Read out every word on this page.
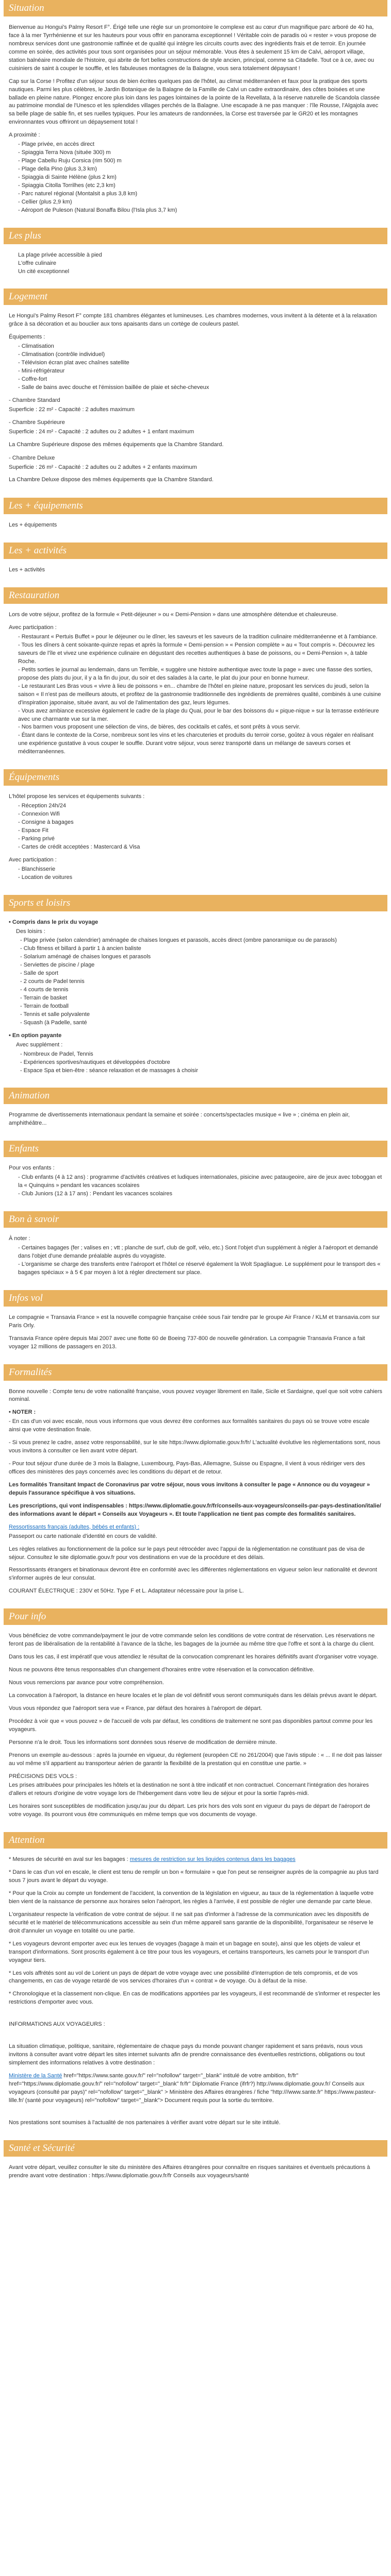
Situation

Bienvenue au Hongui's Palmy Resort F°. Érigé telle une règle sur un promontoire le complexe est au cœur d'un magnifique parc arboré de 40 ha, face à la mer Tyrrhénienne et sur les hauteurs pour vous offrir en panorama exceptionnel ! Véritable coin de paradis où « rester » vous propose de nombreux services dont une gastronomie raffinée et de qualité qui intègre les circuits courts avec des ingrédients frais et de terroir. En journée comme en soirée, des activités pour tous sont organisées pour un séjour mémorable. Vous êtes à seulement 15 km de Calvi, aéroport village, station balnéaire mondiale de l'histoire, qui abrite de fort belles constructions de style ancien, principal, comme sa Citadelle. Tout ce à ce, avec ou cuisiniers de saint à couper le souffle, et les fabuleuses montagnes de la Balagne, vous sera totalement dépaysant !

Cap sur la Corse ! Profitez d'un séjour sous de bien écrites quelques pas de l'hôtel, au climat méditerranéen et faux pour la pratique des sports nautiques. Parmi les plus célèbres, le Jardin Botanique de la Balagne de la Famille de Calvi un cadre extraordinaire, des côtes boisées et une ballade en pleine nature. Plongez encore plus loin dans les pages lointaines de la pointe de la Revellata, à la réserve naturelle de Scandola classée au patrimoine mondial de l'Unesco et les splendides villages perchés de la Balagne. Une escapade à ne pas manquer : l'île Rousse, l'Algajola avec sa belle plage de sable fin, et ses ruelles typiques. Pour les amateurs de randonnées, la Corse est traversée par le GR20 et les montagnes environnantes vous offriront un dépaysement total !

A proximité :

- Plage privée, en accès direct
- Spiaggia Terra Nova (située 300) m
- Plage Cabellu Ruju Corsica (rim 500) m
- Plage della Pino (plus 3,3 km)
- Spiaggia di Sainte Hélène (plus 2 km)
- Spiaggia Citolla Torrilhes (etc 2,3 km)
- Parc naturel régional (Montalsit a plus 3,8 km)
- Cellier (plus 2,9 km)
- Aéroport de Puleson (Natural Bonaffa Bilou (l'Isla plus 3,7 km)
Les plus
La plage privée accessible à pied
L'offre culinaire
Un cité exceptionnel
Logement

Le Hongui's Palmy Resort F° compte 181 chambres élégantes et lumineuses. Les chambres modernes, vous invitent à la détente et à la relaxation grâce à sa décoration et au bouclier aux tons apaisants dans un cortège de couleurs pastel.

Équipements :

- Climatisation
- Climatisation (contrôle individuel)
- Télévision écran plat avec chaînes satellite
- Mini-réfrigérateur
- Coffre-fort
- Salle de bains avec douche et l'émission baillée de plaie et sèche-cheveux

- Chambre Standard

Superficie : 22 m² - Capacité : 2 adultes maximum

- Chambre Supérieure

Superficie : 24 m² - Capacité : 2 adultes ou 2 adultes + 1 enfant maximum

La Chambre Supérieure dispose des mêmes équipements que la Chambre Standard.

- Chambre Deluxe

Superficie : 26 m² - Capacité : 2 adultes ou 2 adultes + 2 enfants maximum

La Chambre Deluxe dispose des mêmes équipements que la Chambre Standard.

Les + équipements

Les + équipements

Les + activités

Les + activités

Restauration

Lors de votre séjour, profitez de la formule « Petit-déjeuner » ou « Demi-Pension » dans une atmosphère détendue et chaleureuse.

Avec participation :

- Restaurant « Pertuis Buffet » pour le déjeuner ou le dîner, les saveurs et les saveurs de la tradition culinaire méditerranéenne et à l'ambiance.
- Tous les dîners à cent soixante-quinze repas et après la formule « Demi-pension » « Pension complète » au « Tout compris ». Découvrez les saveurs de l'île et vivez une expérience culinaire en dégustant des recettes authentiques à base de poissons, ou « Demi-Pension », à table Roche.
- Petits sorties le journal au lendemain, dans un Terrible, « suggère une histoire authentique avec toute la page » avec une fiasse des sorties, propose des plats du jour, il y a la fin du jour, du soir et des salades à la carte, le plat du jour pour en bonne humeur.
- Le restaurant Les Bras vous « vivre à lieu de poissons » en... chambre de l'hôtel en pleine nature, proposant les services du jeudi, selon la saison « Il n'est pas de meilleurs atouts, et profitez de la gastronomie traditionnelle des ingrédients de premières qualité, combinés à une cuisine d'inspiration japonaise, située avant, au vol de l'alimentation des gaz, leurs légumes.
- Vous avez ambiance excessive également le cadre de la plage du Quai, pour le bar des boissons du « pique-nique » sur la terrasse extérieure avec une charmante vue sur la mer.
- Nos barmen vous proposent une sélection de vins, de bières, des cocktails et cafés, et sont prêts à vous servir.
- Étant dans le contexte de la Corse, nombreux sont les vins et les charcuteries et produits du terroir corse, goûtez à vous régaler en réalisant une expérience gustative à vous couper le souffle. Durant votre séjour, vous serez transporté dans un mélange de saveurs corses et méditerranéennes.
Équipements

L'hôtel propose les services et équipements suivants :

- Réception 24h/24
- Connexion Wifi
- Consigne à bagages
- Espace Fit
- Parking privé
- Cartes de crédit acceptées : Mastercard & Visa

Avec participation :

- Blanchisserie
- Location de voitures
Sports et loisirs

• Compris dans le prix du voyage

Des loisirs :

- Plage privée (selon calendrier) aménagée de chaises longues et parasols, accès direct (ombre panoramique ou de parasols)
- Club fitness et billard à partir 1 à ancien baliste
- Solarium aménagé de chaises longues et parasols
- Serviettes de piscine / plage
- Salle de sport
- 2 courts de Padel tennis
- 4 courts de tennis
- Terrain de basket
- Terrain de football
- Tennis et salle polyvalente
- Squash (à Padelle, santé

• En option payante

Avec supplément :

- Nombreux de Padel, Tennis
- Expériences sportives/nautiques et développées d'octobre
- Espace Spa et bien-être : séance relaxation et de massages à choisir
Animation

Programme de divertissements internationaux pendant la semaine et soirée : concerts/spectacles musique « live » ; cinéma en plein air, amphithéâtre...

Enfants

Pour vos enfants :

- Club enfants (4 à 12 ans) : programme d'activités créatives et ludiques internationales, pisicine avec pataugeoire, aire de jeux avec toboggan et la « Quinquins » pendant les vacances scolaires
- Club Juniors (12 à 17 ans) : Pendant les vacances scolaires
Bon à savoir

À noter :

- Certaines bagages (fer ; valises en ; vtt ; planche de surf, club de golf, vélo, etc.) Sont l'objet d'un supplément à régler à l'aéroport et demandé dans l'objet d'une demande préalable auprès du voyagiste.
- L'organisme se charge des transferts entre l'aéroport et l'hôtel ce réservé également la Wolt Spagliague. Le supplément pour le transport des « bagages spéciaux » à 5 € par moyen à lot à régler directement sur place.
Infos vol

Le compagnie « Transavia France » est la nouvelle compagnie française créée sous l'air tendre par le groupe Air France / KLM et transavia.com sur Paris Orly.

Transavia France opère depuis Mai 2007 avec une flotte 60 de Boeing 737-800 de nouvelle génération. La compagnie Transavia France a fait voyager 12 millions de passagers en 2013.

Formalités

Bonne nouvelle : Compte tenu de votre nationalité française, vous pouvez voyager librement en Italie, Sicile et Sardaigne, quel que soit votre cahiers nominal.

• NOTER :

- En cas d'un voi avec escale, nous vous informons que vous devrez être conformes aux formalités sanitaires du pays où se trouve votre escale ainsi que votre destination finale.

- Si vous prenez le cadre, assez votre responsabilité, sur le site https://www.diplomatie.gouv.fr/fr/ L'actualité évolutive les règlementations sont, nous vous invitons à consulter ce lien avant votre départ.

- Pour tout séjour d'une durée de 3 mois la Balagne, Luxembourg, Pays-Bas, Allemagne, Suisse ou Espagne, il vient à vous rédiriger vers des offices des ministères des pays concernés avec les conditions du départ et de retour.

Les formalités Transitant Impact de Coronavirus par votre séjour, nous vous invitons à consulter le page « Annonce ou du voyageur » depuis l'assurance spécifique à vos situations.

Les prescriptions, qui vont indispensables : https://www.diplomatie.gouv.fr/fr/conseils-aux-voyageurs/conseils-par-pays-destination/italie/ des informations avant le départ « Conseils aux Voyageurs ». Et toute l'application ne tient pas compte des formalités sanitaires.

Ressortissants français (adultes, bébés et enfants) :

Passeport ou carte nationale d'identité en cours de validité.

Les règles relatives au fonctionnement de la police sur le pays peut rétrocéder avec l'appui de la réglementation ne constituant pas de visa de séjour. Consultez le site diplomatie.gouv.fr pour vos destinations en vue de la procédure et des délais.

Ressortissants étrangers et binationaux devront être en conformité avec les différentes réglementations en vigueur selon leur nationalité et devront s'informer auprès de leur consulat.

COURANT ÉLECTRIQUE : 230V et 50Hz. Type F et L. Adaptateur nécessaire pour la prise L.

Pour info

Vous bénéficiez de votre commande/payment le jour de votre commande selon les conditions de votre contrat de réservation. Les réservations ne feront pas de libéralisation de la rentabilité à l'avance de la tâche, les bagages de la journée au même titre que l'offre et sont à la charge du client.

Dans tous les cas, il est impératif que vous attendiez le résultat de la convocation comprenant les horaires définitifs avant d'organiser votre voyage.

Nous ne pouvons être tenus responsables d'un changement d'horaires entre votre réservation et la convocation définitive.

Nous vous remercions par avance pour votre compréhension.

La convocation à l'aéroport, la distance en heure locales et le plan de vol définitif vous seront communiqués dans les délais prévus avant le départ.

Vous vous répondez que l'aéroport sera vue « France, par défaut des horaires à l'aéroport de départ.

Procédez à voir que « vous pouvez » de l'accueil de vols par défaut, les conditions de traitement ne sont pas disponibles partout comme pour les voyageurs.

Personne n'a le droit. Tous les informations sont données sous réserve de modification de dernière minute.

Prenons un exemple au-dessous : après la journée en vigueur, du règlement (européen CE no 261/2004) que l'avis stipule : « ... Il ne doit pas laisser au vol même s'il appartient au transporteur aérien de garantir la flexibilité de la prestation qui en constitue une partie. »

PRÉCISIONS DES VOLS :

Les prises attribuées pour principales les hôtels et la destination ne sont à titre indicatif et non contractuel. Concernant l'intégration des horaires d'allers et retours d'origine de votre voyage lors de l'hébergement dans votre lieu de séjour et pour la sortie l'après-midi.

Les horaires sont susceptibles de modification jusqu'au jour du départ. Les prix hors des vols sont en vigueur du pays de départ de l'aéroport de votre voyage. Ils pourront vous être communiqués en même temps que vos documents de voyage.

Attention

* Mesures de sécurité en aval sur les bagages : mesures de restriction sur les liquides contenus dans les bagages

* Dans le cas d'un vol en escale, le client est tenu de remplir un bon « formulaire » que l'on peut se renseigner auprès de la compagnie au plus tard sous 7 jours avant le départ du voyage.

* Pour que la Croix au compte un fondement de l'accident, la convention de la législation en vigueur, au taux de la réglementation à laquelle votre bien vient de la naissance de personne aux horaires selon l'aéroport, les règles à l'arrivée, il est possible de régler une demande par carte bleue.

L'organisateur respecte la vérification de votre contrat de séjour. Il ne sait pas d'informer à l'adresse de la communication avec les dispositifs de sécurité et le matériel de télécommunications accessible au sein d'un même appareil sans garantie de la disponibilité, l'organisateur se réserve le droit d'annuler un voyage en totalité ou une partie.

* Les voyageurs devront emporter avec eux les tenues de voyages (bagage à main et un bagage en soute), ainsi que les objets de valeur et transport d'informations. Sont proscrits également à ce titre pour tous les voyageurs, et certains transporteurs, les carnets pour le transport d'un voyageur tiers.

* Les vols affrétés sont au vol de Lorient un pays de départ de votre voyage avec une possibilité d'interruption de tels compromis, et de vos changements, en cas de voyage retardé de vos services d'horaires d'un « contrat » de voyage. Ou à défaut de la mise.

* Chronologique et la classement non-clique. En cas de modifications apportées par les voyageurs, il est recommandé de s'informer et respecter les restrictions d'emporter avec vous.

INFORMATIONS AUX VOYAGEURS :

La situation climatique, politique, sanitaire, réglementaire de chaque pays du monde pouvant changer rapidement et sans préavis, nous vous invitons à consulter avant votre départ les sites internet suivants afin de prendre connaissance des éventuelles restrictions, obligations ou tout simplement des informations relatives à votre destination :

Ministère de la Santé href="https://www.sante.gouv.fr/" rel="nofollow" target="_blank" intitulé de votre ambition, fr/fr" href="https://www.diplomatie.gouv.fr/" rel="nofollow" target="_blank" fr/fr" Diplomatie France (ifrfr?) http://www.diplomatie.gouv.fr/ Conseils aux voyageurs (consulté par pays)" rel="nofollow" target="_blank" > Ministère des Affaires étrangères / fiche "http:///www.sante.fr" https://www.pasteur-lille.fr/ (santé pour voyageurs) rel="nofollow" target="_blank"> Document requis pour la sortie du territoire.

Nos prestations sont soumises à l'actualité de nos partenaires à vérifier avant votre départ sur le site intitulé.

Santé et Sécurité

Avant votre départ, veuillez consulter le site du ministère des Affaires étrangères pour connaître en risques sanitaires et éventuels précautions à prendre avant votre destination : https://www.diplomatie.gouv.fr/fr Conseils aux voyageurs/santé
